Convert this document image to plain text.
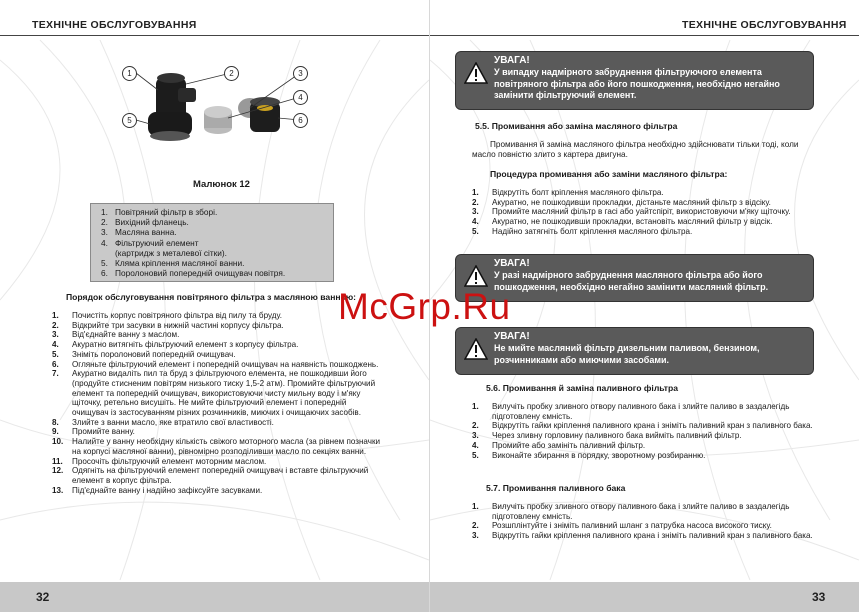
ТЕХНІЧНЕ ОБСЛУГОВУВАННЯ
1	2	3
4
5	6
Малюнок 12
1. Повітряний фільтр в зборі.
2. Вихідний фланець.
3. Масляна ванна.
4. Фільтруючий елемент
(картридж з металевої сітки).
5. Кляма кріплення масляної ванни.
6. Поролоновий попередній очищувач повітря.
Порядок обслуговування повітряного фільтра з масляною ванною:
1. Почистіть корпус повітряного фільтра від пилу та бруду.
2. Відкрийте три засувки в нижній частині корпусу фільтра.
3. Від'єднайте ванну з маслом.
4. Акуратно витягніть фільтруючий елемент з корпусу фільтра.
5. Зніміть поролоновий попередній очищувач.
6. Огляньте фільтруючий елемент і попередній очищувач на наявність пошкоджень.
7. Акуратно видаліть пил та бруд з фільтруючого елемента, не пошкодивши його (продуйте стисненим повітрям низького тиску 1,5-2 атм). Промийте фільтруючий елемент та попередній очищувач, використовуючи чисту мильну воду і м'яку щіточку, ретельно висушіть. Не мийте фільтруючий елемент і попередній очищувач із застосуванням різних розчинників, миючих і очищаючих засобів.
8. Злийте з ванни масло, яке втратило свої властивості.
9. Промийте ванну.
10. Налийте у ванну необхідну кількість свіжого моторного масла (за рівнем позначки на корпусі масляної ванни), рівномірно розподіливши масло по секціях ванни.
11. Просочіть фільтруючий елемент моторним маслом.
12. Одягніть на фільтруючий елемент попередній очищувач і вставте фільтруючий елемент в корпус фільтра.
13. Під'єднайте ванну і надійно зафіксуйте засувками.
32
ТЕХНІЧНЕ ОБСЛУГОВУВАННЯ
УВАГА!
У випадку надмірного забруднення фільтруючого елемента повітряного фільтра або його пошкодження, необхідно негайно замінити фільтруючий елемент.
5.5. Промивання або заміна масляного фільтра
Промивання й заміна масляного фільтра необхідно здійснювати тільки тоді, коли масло повністю злито з картера двигуна.
Процедура промивання або заміни масляного фільтра:
1. Відкрутіть болт кріплення масляного фільтра.
2. Акуратно, не пошкодивши прокладки, дістаньте масляний фільтр з відсіку.
3. Промийте масляний фільтр в гасі або уайтспіріт, використовуючи м'яку щіточку.
4. Акуратно, не пошкодивши прокладки, встановіть масляний фільтр у відсік.
5. Надійно затягніть болт кріплення масляного фільтра.
УВАГА!
У разі надмірного забруднення масляного фільтра або його пошкодження, необхідно негайно замінити масляний фільтр.
УВАГА!
Не мийте масляний фільтр дизельним паливом, бензином, розчинниками або миючими засобами.
5.6. Промивання й заміна паливного фільтра
1. Вилучіть пробку зливного отвору паливного бака і злийте паливо в заздалегідь підготовлену ємність.
2. Відкрутіть гайки кріплення паливного крана і зніміть паливний кран з паливного бака.
3. Через зливну горловину паливного бака вийміть паливний фільтр.
4. Промийте або замініть паливний фільтр.
5. Виконайте збирання в порядку, зворотному розбиранню.
5.7. Промивання паливного бака
1. Вилучіть пробку зливного отвору паливного бака і злийте паливо в заздалегідь підготовлену ємність.
2. Розшплінтуйте і зніміть паливний шланг з патрубка насоса високого тиску.
3. Відкрутіть гайки кріплення паливного крана і зніміть паливний кран з паливного бака.
33
McGrp.Ru
